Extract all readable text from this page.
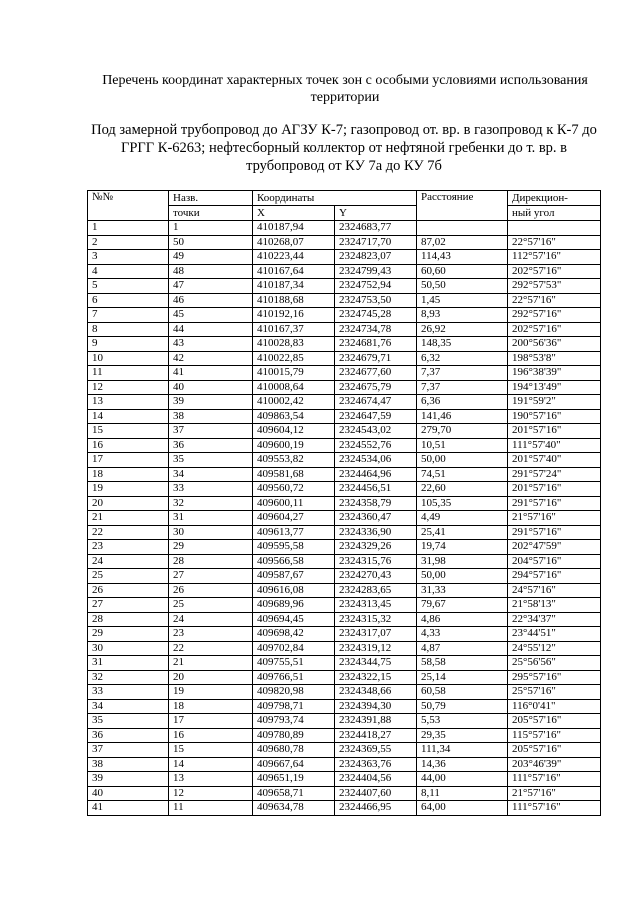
Перечень координат характерных точек зон с особыми условиями использования территории
Под замерной трубопровод до АГЗУ К-7; газопровод от. вр. в газопровод к К-7 до ГРГГ К-6263; нефтесборный коллектор от нефтяной гребенки до т. вр. в трубопровод от КУ 7а до КУ 7б
№№	Назв.	Координаты		Расстояние	Дирекцион-
	точки	X	Y		ный угол
1	1	410187,94	2324683,77		
2	50	410268,07	2324717,70	87,02	22°57'16"
3	49	410223,44	2324823,07	114,43	112°57'16"
4	48	410167,64	2324799,43	60,60	202°57'16"
5	47	410187,34	2324752,94	50,50	292°57'53"
6	46	410188,68	2324753,50	1,45	22°57'16"
7	45	410192,16	2324745,28	8,93	292°57'16"
8	44	410167,37	2324734,78	26,92	202°57'16"
9	43	410028,83	2324681,76	148,35	200°56'36"
10	42	410022,85	2324679,71	6,32	198°53'8"
11	41	410015,79	2324677,60	7,37	196°38'39"
12	40	410008,64	2324675,79	7,37	194°13'49"
13	39	410002,42	2324674,47	6,36	191°59'2"
14	38	409863,54	2324647,59	141,46	190°57'16"
15	37	409604,12	2324543,02	279,70	201°57'16"
16	36	409600,19	2324552,76	10,51	111°57'40"
17	35	409553,82	2324534,06	50,00	201°57'40"
18	34	409581,68	2324464,96	74,51	291°57'24"
19	33	409560,72	2324456,51	22,60	201°57'16"
20	32	409600,11	2324358,79	105,35	291°57'16"
21	31	409604,27	2324360,47	4,49	21°57'16"
22	30	409613,77	2324336,90	25,41	291°57'16"
23	29	409595,58	2324329,26	19,74	202°47'59"
24	28	409566,58	2324315,76	31,98	204°57'16"
25	27	409587,67	2324270,43	50,00	294°57'16"
26	26	409616,08	2324283,65	31,33	24°57'16"
27	25	409689,96	2324313,45	79,67	21°58'13"
28	24	409694,45	2324315,32	4,86	22°34'37"
29	23	409698,42	2324317,07	4,33	23°44'51"
30	22	409702,84	2324319,12	4,87	24°55'12"
31	21	409755,51	2324344,75	58,58	25°56'56"
32	20	409766,51	2324322,15	25,14	295°57'16"
33	19	409820,98	2324348,66	60,58	25°57'16"
34	18	409798,71	2324394,30	50,79	116°0'41"
35	17	409793,74	2324391,88	5,53	205°57'16"
36	16	409780,89	2324418,27	29,35	115°57'16"
37	15	409680,78	2324369,55	111,34	205°57'16"
38	14	409667,64	2324363,76	14,36	203°46'39"
39	13	409651,19	2324404,56	44,00	111°57'16"
40	12	409658,71	2324407,60	8,11	21°57'16"
41	11	409634,78	2324466,95	64,00	111°57'16"
